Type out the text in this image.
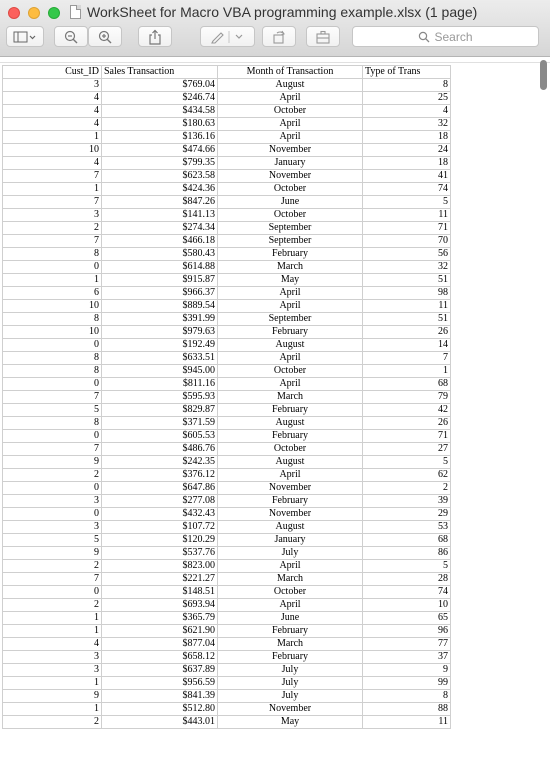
WorkSheet for Macro VBA programming example.xlsx (1 page)
Search
Cust_ID	Sales Transaction	Month of Transaction	Type of Trans
3	$769.04	August	8
4	$246.74	April	25
4	$434.58	October	4
4	$180.63	April	32
1	$136.16	April	18
10	$474.66	November	24
4	$799.35	January	18
7	$623.58	November	41
1	$424.36	October	74
7	$847.26	June	5
3	$141.13	October	11
2	$274.34	September	71
7	$466.18	September	70
8	$580.43	February	56
0	$614.88	March	32
1	$915.87	May	51
6	$966.37	April	98
10	$889.54	April	11
8	$391.99	September	51
10	$979.63	February	26
0	$192.49	August	14
8	$633.51	April	7
8	$945.00	October	1
0	$811.16	April	68
7	$595.93	March	79
5	$829.87	February	42
8	$371.59	August	26
0	$605.53	February	71
7	$486.76	October	27
9	$242.35	August	5
2	$376.12	April	62
0	$647.86	November	2
3	$277.08	February	39
0	$432.43	November	29
3	$107.72	August	53
5	$120.29	January	68
9	$537.76	July	86
2	$823.00	April	5
7	$221.27	March	28
0	$148.51	October	74
2	$693.94	April	10
1	$365.79	June	65
1	$621.90	February	96
4	$877.04	March	77
3	$658.12	February	37
3	$637.89	July	9
1	$956.59	July	99
9	$841.39	July	8
1	$512.80	November	88
2	$443.01	May	11
